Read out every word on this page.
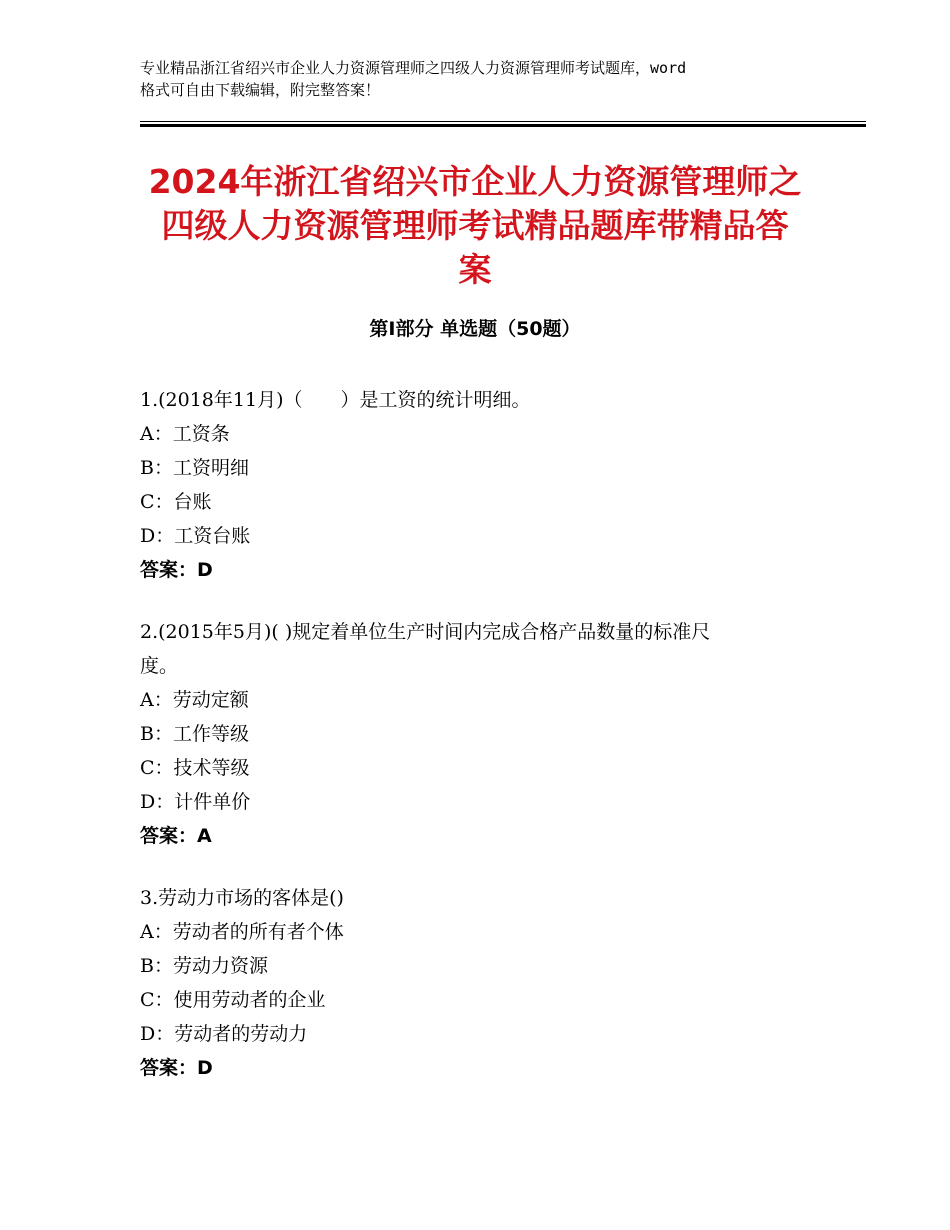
专业精品浙江省绍兴市企业人力资源管理师之四级人力资源管理师考试题库，word
格式可自由下载编辑，附完整答案！
2024年浙江省绍兴市企业人力资源管理师之
四级人力资源管理师考试精品题库带精品答
案
第Ⅰ部分 单选题（50题）
1.(2018年11月)（　　）是工资的统计明细。
A：工资条
B：工资明细
C：台账
D：工资台账
答案：D
2.(2015年5月)( )规定着单位生产时间内完成合格产品数量的标准尺
度。
A：劳动定额
B：工作等级
C：技术等级
D：计件单价
答案：A
3.劳动力市场的客体是()
A：劳动者的所有者个体
B：劳动力资源
C：使用劳动者的企业
D：劳动者的劳动力
答案：D
